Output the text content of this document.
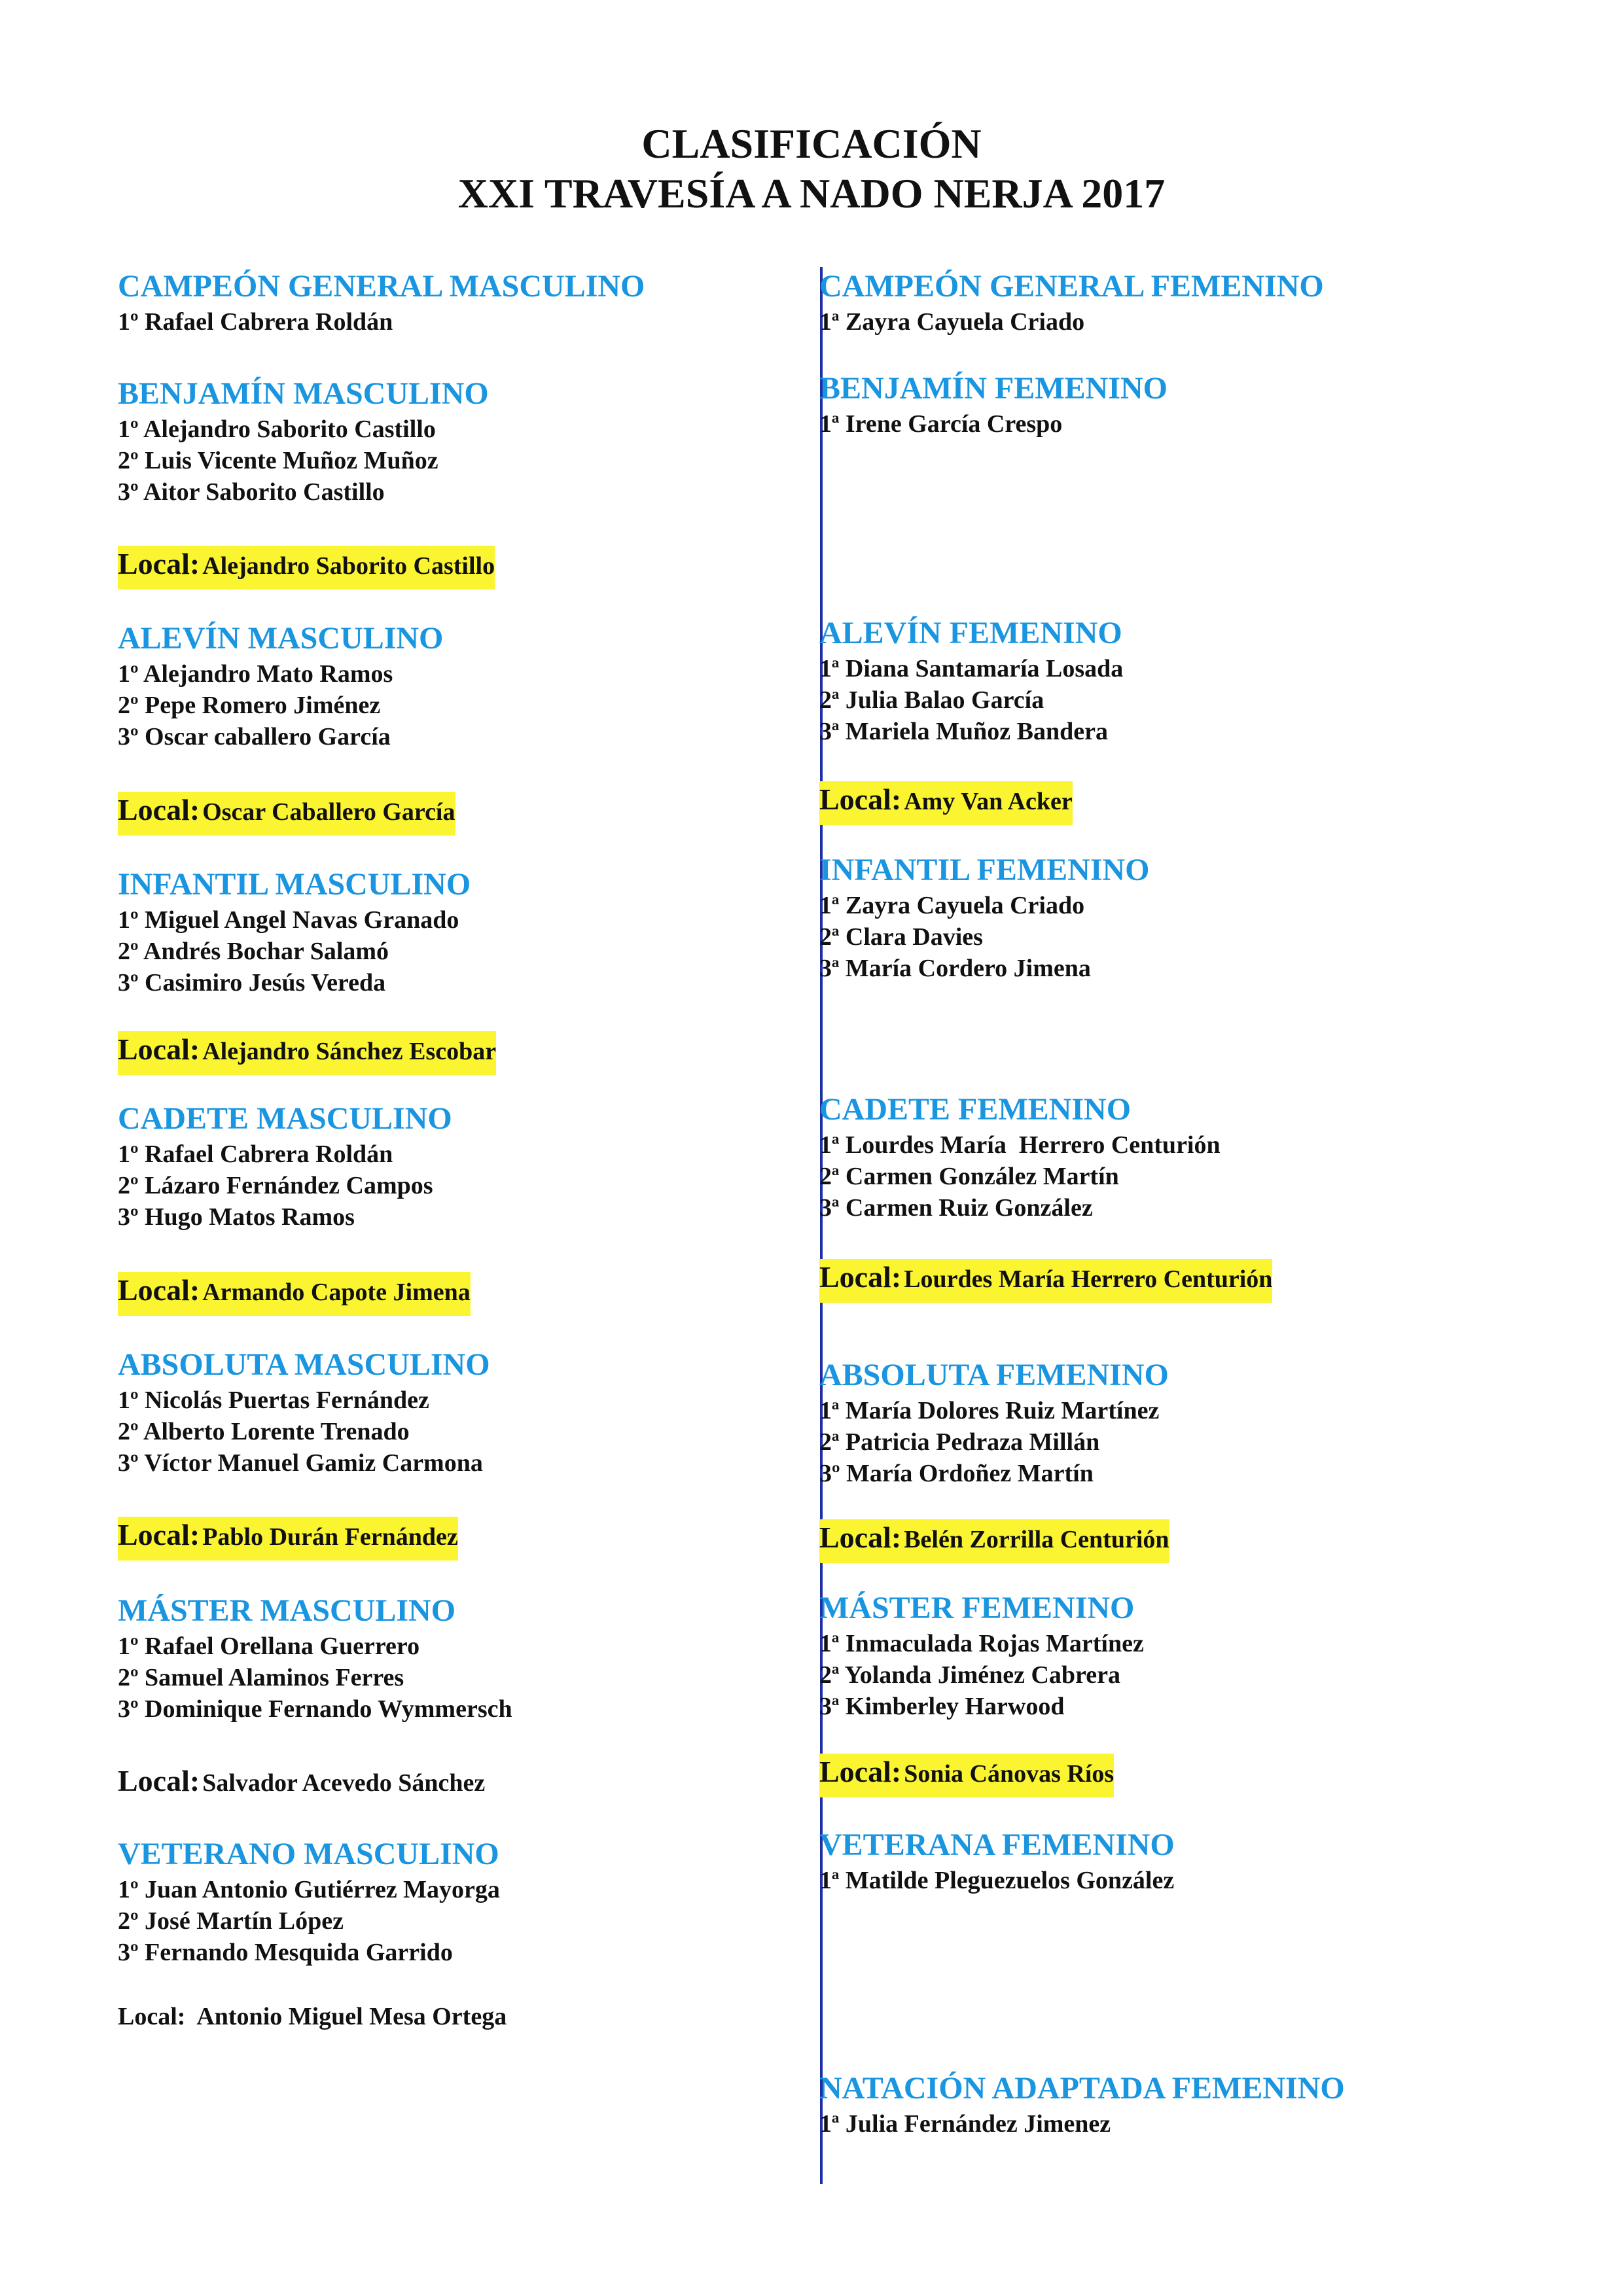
CLASIFICACIÓN
XXI TRAVESÍA A NADO NERJA 2017
CAMPEÓN GENERAL MASCULINO

1º Rafael Cabrera Roldán

BENJAMÍN MASCULINO

1º Alejandro Saborito Castillo

2º Luis Vicente Muñoz Muñoz

3º Aitor Saborito Castillo

Local: Alejandro Saborito Castillo
ALEVÍN MASCULINO

1º Alejandro Mato Ramos

2º Pepe Romero Jiménez

3º Oscar caballero García

Local: Oscar Caballero García
INFANTIL MASCULINO

1º Miguel Angel Navas Granado

2º Andrés Bochar Salamó

3º Casimiro Jesús Vereda

Local: Alejandro Sánchez Escobar
CADETE MASCULINO

1º Rafael Cabrera Roldán

2º Lázaro Fernández Campos

3º Hugo Matos Ramos

Local: Armando Capote Jimena
ABSOLUTA MASCULINO

1º Nicolás Puertas Fernández

2º Alberto Lorente Trenado

3º Víctor Manuel Gamiz Carmona

Local: Pablo Durán Fernández
MÁSTER MASCULINO

1º Rafael Orellana Guerrero

2º Samuel Alaminos Ferres

3º Dominique Fernando Wymmersch

Local: Salvador Acevedo Sánchez
VETERANO MASCULINO

1º Juan Antonio Gutiérrez Mayorga

2º José Martín López

3º Fernando Mesquida Garrido

Local:  Antonio Miguel Mesa Ortega

CAMPEÓN GENERAL FEMENINO

1ª Zayra Cayuela Criado

BENJAMÍN FEMENINO

1ª Irene García Crespo

ALEVÍN FEMENINO

1ª Diana Santamaría Losada

2ª Julia Balao García

3ª Mariela Muñoz Bandera

Local: Amy Van Acker
INFANTIL FEMENINO

1ª Zayra Cayuela Criado

2ª Clara Davies

3ª María Cordero Jimena

CADETE FEMENINO

1ª Lourdes María  Herrero Centurión

2ª Carmen González Martín

3ª Carmen Ruiz González

Local: Lourdes María Herrero Centurión
ABSOLUTA FEMENINO

1ª María Dolores Ruiz Martínez

2ª Patricia Pedraza Millán

3º María Ordoñez Martín

Local: Belén Zorrilla Centurión
MÁSTER FEMENINO

1ª Inmaculada Rojas Martínez

2ª Yolanda Jiménez Cabrera

3ª Kimberley Harwood

Local: Sonia Cánovas Ríos
VETERANA FEMENINO

1ª Matilde Pleguezuelos González

NATACIÓN ADAPTADA FEMENINO

1ª Julia Fernández Jimenez
